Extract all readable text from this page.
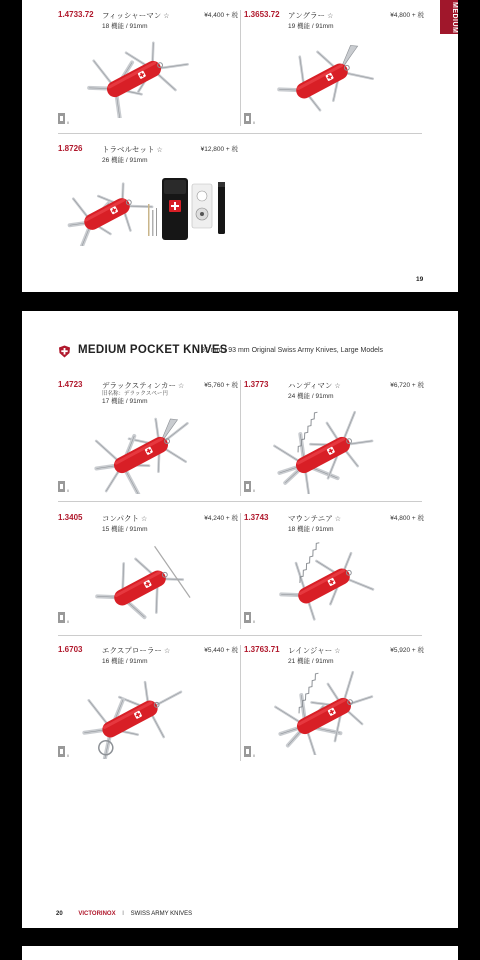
MEDIUM
1.4733.72 フィッシャーマン ☆
18 機能 / 91mm
¥4,400 + 税
II
1.3653.72 アングラー ☆
19 機能 / 91mm
¥4,800 + 税
II
1.8726	トラベルセット ☆
26 機能 / 91mm
¥12,800 + 税
19
MEDIUM POCKET KNIVES
91 mm / 93 mm Original Swiss Army Knives, Large Models
1.4723	デラックスティンカー ☆
旧名称：デラックスペー円
17 機能 / 91mm
¥5,760 + 税
II
1.3773	ハンディマン ☆
24 機能 / 91mm
¥6,720 + 税
II
1.3405	コンパクト ☆
15 機能 / 91mm
¥4,240 + 税
II
1.3743	マウンテニア ☆
18 機能 / 91mm
¥4,800 + 税
II
1.6703	エクスプローラー ☆
16 機能 / 91mm
¥5,440 + 税
II
1.3763.71 レインジャー ☆
21 機能 / 91mm
¥5,920 + 税
II
20	VICTORINOX I SWISS ARMY KNIVES
